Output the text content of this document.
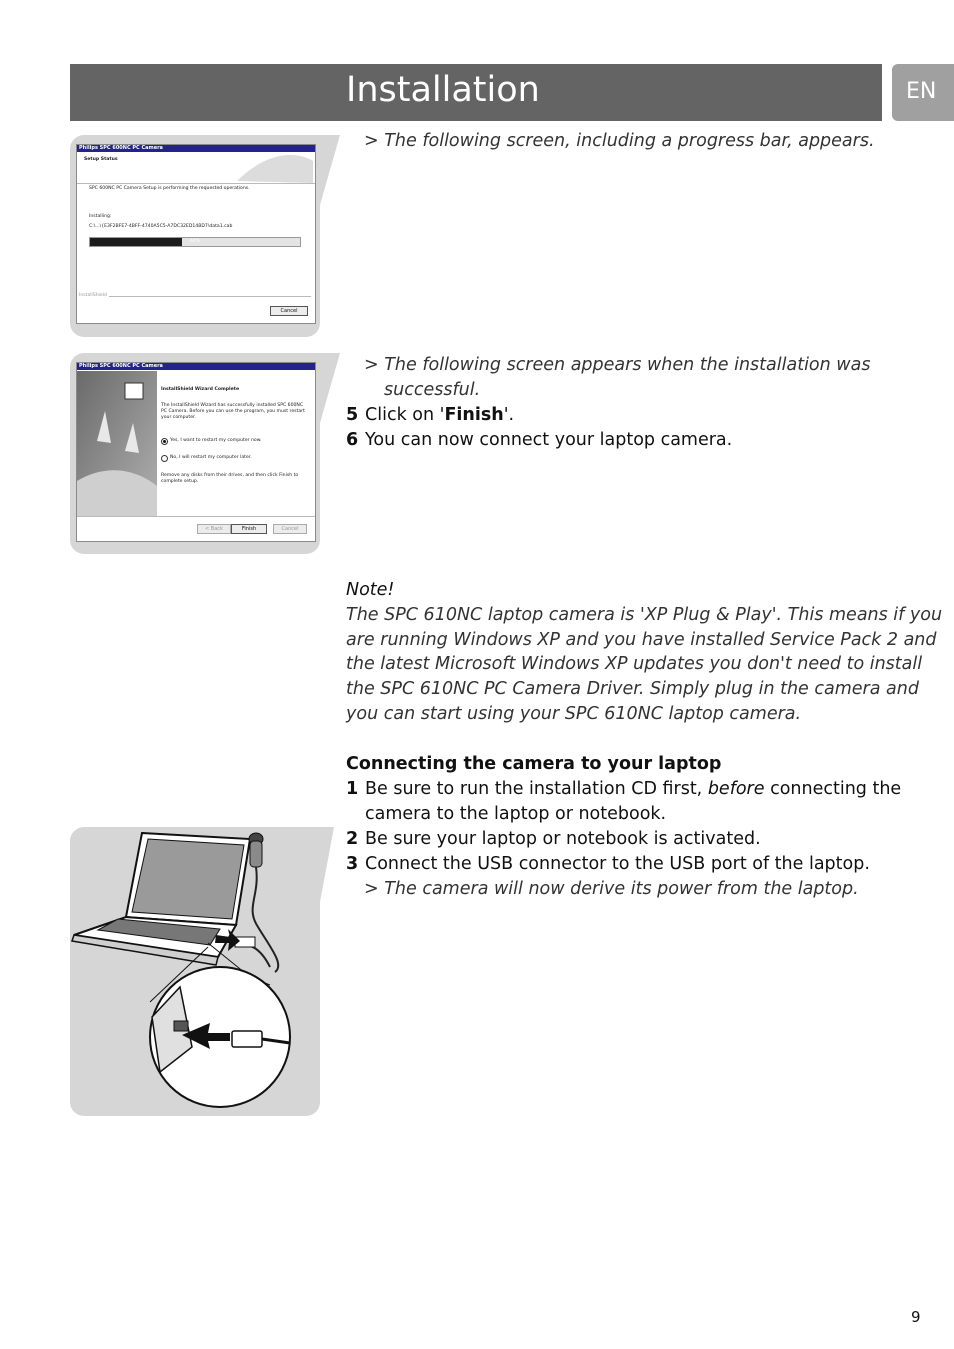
Installation	EN
Philips SPC 600NC PC Camera
Setup Status
SPC 600NC PC Camera Setup is performing the requested operations.
Installing:
C:\...\{E3F2BFE7-4BFF-4740A5C5-A7DC32ED14BD7\data1.cab
44%
InstallShield
Cancel
Philips SPC 600NC PC Camera
InstallShield Wizard Complete
The InstallShield Wizard has successfully installed SPC 600NC
PC Camera. Before you can use the program, you must restart
your computer.
Yes, I want to restart my computer now.
No, I will restart my computer later.
Remove any disks from their drives, and then click Finish to
complete setup.
< Back	Finish	Cancel
> The following screen, including a progress bar, appears.
> The following screen appears when the installation was
successful.
5 Click on 'Finish'.
6 You can now connect your laptop camera.
Note!
The SPC 610NC laptop camera is 'XP Plug & Play'. This means if you
are running Windows XP and you have installed Service Pack 2 and
the latest Microsoft Windows XP updates you don't need to install
the SPC 610NC PC Camera Driver. Simply plug in the camera and
you can start using your SPC 610NC laptop camera.
Connecting the camera to your laptop
1 Be sure to run the installation CD first, before connecting the
camera to the laptop or notebook.
2 Be sure your laptop or notebook is activated.
3 Connect the USB connector to the USB port of the laptop.
> The camera will now derive its power from the laptop.
9
